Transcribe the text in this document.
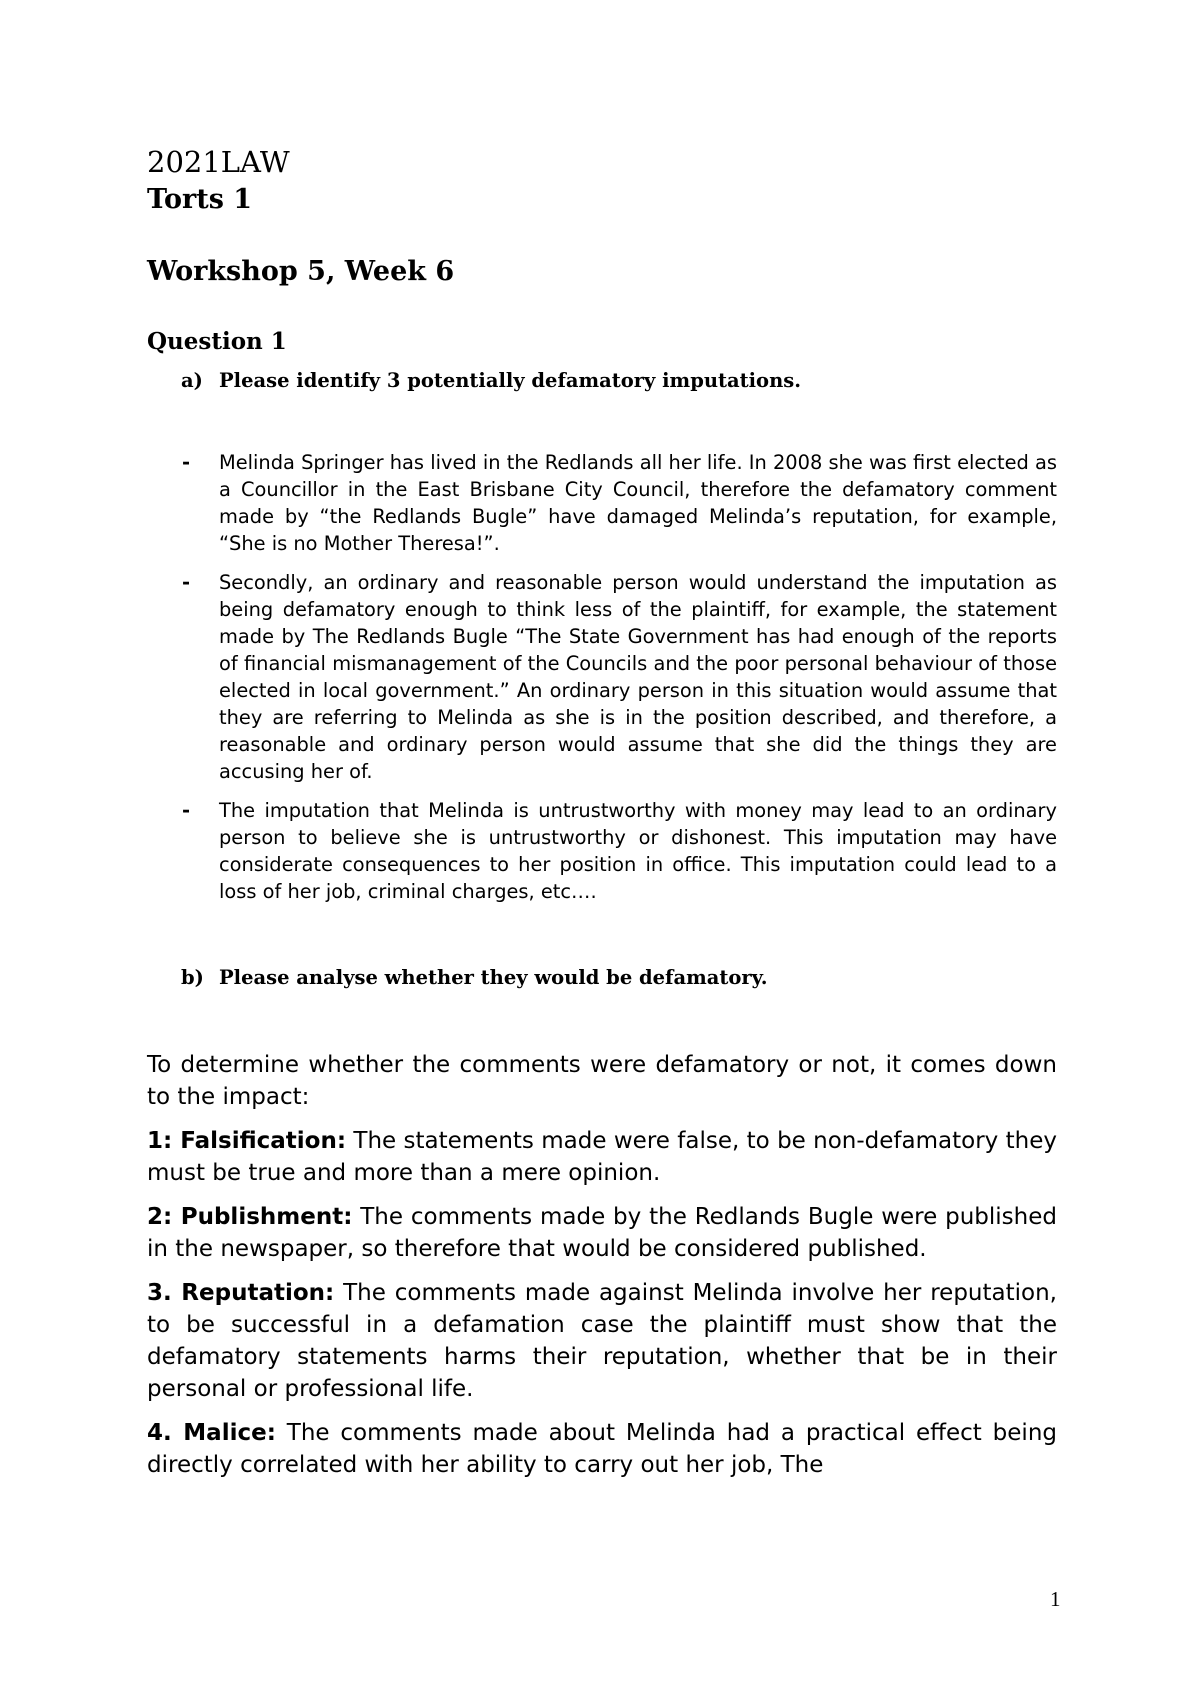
2021LAW
Torts 1
Workshop 5, Week 6
Question 1

a) Please identify 3 potentially defamatory imputations.

-	Melinda Springer has lived in the Redlands all her life. In 2008 she was first elected as a Councillor in the East Brisbane City Council, therefore the defamatory comment made by “the Redlands Bugle” have damaged Melinda’s reputation, for example, “She is no Mother Theresa!”.
-	Secondly, an ordinary and reasonable person would understand the imputation as being defamatory enough to think less of the plaintiff, for example, the statement made by The Redlands Bugle “The State Government has had enough of the reports of financial mismanagement of the Councils and the poor personal behaviour of those elected in local government.” An ordinary person in this situation would assume that they are referring to Melinda as she is in the position described, and therefore, a reasonable and ordinary person would assume that she did the things they are accusing her of.
-	The imputation that Melinda is untrustworthy with money may lead to an ordinary person to believe she is untrustworthy or dishonest. This imputation may have considerate consequences to her position in office. This imputation could lead to a loss of her job, criminal charges, etc….

b) Please analyse whether they would be defamatory.

To determine whether the comments were defamatory or not, it comes down to the impact:

1: Falsification: The statements made were false, to be non-defamatory they must be true and more than a mere opinion.

2: Publishment: The comments made by the Redlands Bugle were published in the newspaper, so therefore that would be considered published.

3. Reputation: The comments made against Melinda involve her reputation, to be successful in a defamation case the plaintiff must show that the defamatory statements harms their reputation, whether that be in their personal or professional life.

4. Malice: The comments made about Melinda had a practical effect being directly correlated with her ability to carry out her job, The

1
